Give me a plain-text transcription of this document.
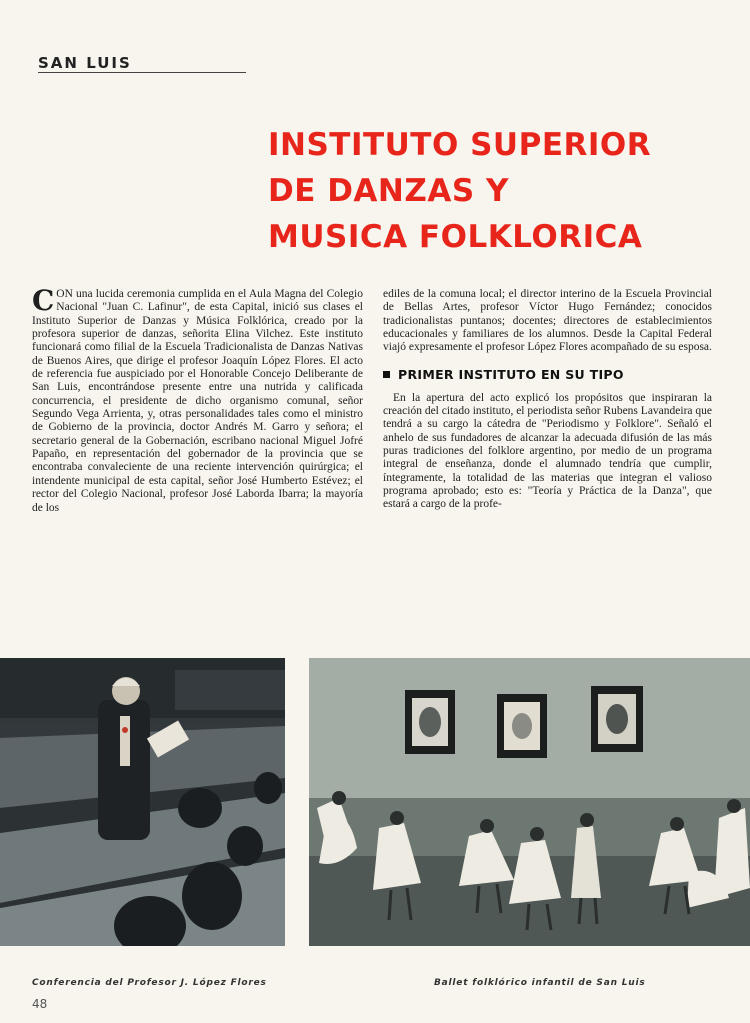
SAN LUIS
INSTITUTO SUPERIOR
DE DANZAS Y
MUSICA FOLKLORICA
CON una lucida ceremonia cumplida en el Aula Magna del Colegio Nacional "Juan C. Lafinur", de esta Capital, inició sus clases el Instituto Superior de Danzas y Música Folklórica, creado por la profesora superior de danzas, señorita Elina Vilchez. Este instituto funcionará como filial de la Escuela Tradicionalista de Danzas Nativas de Buenos Aires, que dirige el profesor Joaquín López Flores. El acto de referencia fue auspiciado por el Honorable Concejo Deliberante de San Luis, encontrándose presente entre una nutrida y calificada concurrencia, el presidente de dicho organismo comunal, señor Segundo Vega Arrienta, y, otras personalidades tales como el ministro de Gobierno de la provincia, doctor Andrés M. Garro y señora; el secretario general de la Gobernación, escribano nacional Miguel Jofré Papaño, en representación del gobernador de la provincia que se encontraba convaleciente de una reciente intervención quirúrgica; el intendente municipal de esta capital, señor José Humberto Estévez; el rector del Colegio Nacional, profesor José Laborda Ibarra; la mayoría de los

ediles de la comuna local; el director interino de la Escuela Provincial de Bellas Artes, profesor Víctor Hugo Fernández; conocidos tradicionalistas puntanos; docentes; directores de establecimientos educacionales y familiares de los alumnos. Desde la Capital Federal viajó expresamente el profesor López Flores acompañado de su esposa.

PRIMER INSTITUTO EN SU TIPO

En la apertura del acto explicó los propósitos que inspiraran la creación del citado instituto, el periodista señor Rubens Lavandeira que tendrá a su cargo la cátedra de "Periodismo y Folklore". Señaló el anhelo de sus fundadores de alcanzar la adecuada difusión de las más puras tradiciones del folklore argentino, por medio de un programa integral de enseñanza, donde el alumnado tendría que cumplir, íntegramente, la totalidad de las materias que integran el valioso programa aprobado; esto es: "Teoría y Práctica de la Danza", que estará a cargo de la profe-

Conferencia del Profesor J. López Flores	Ballet folklórico infantil de San Luis
48
